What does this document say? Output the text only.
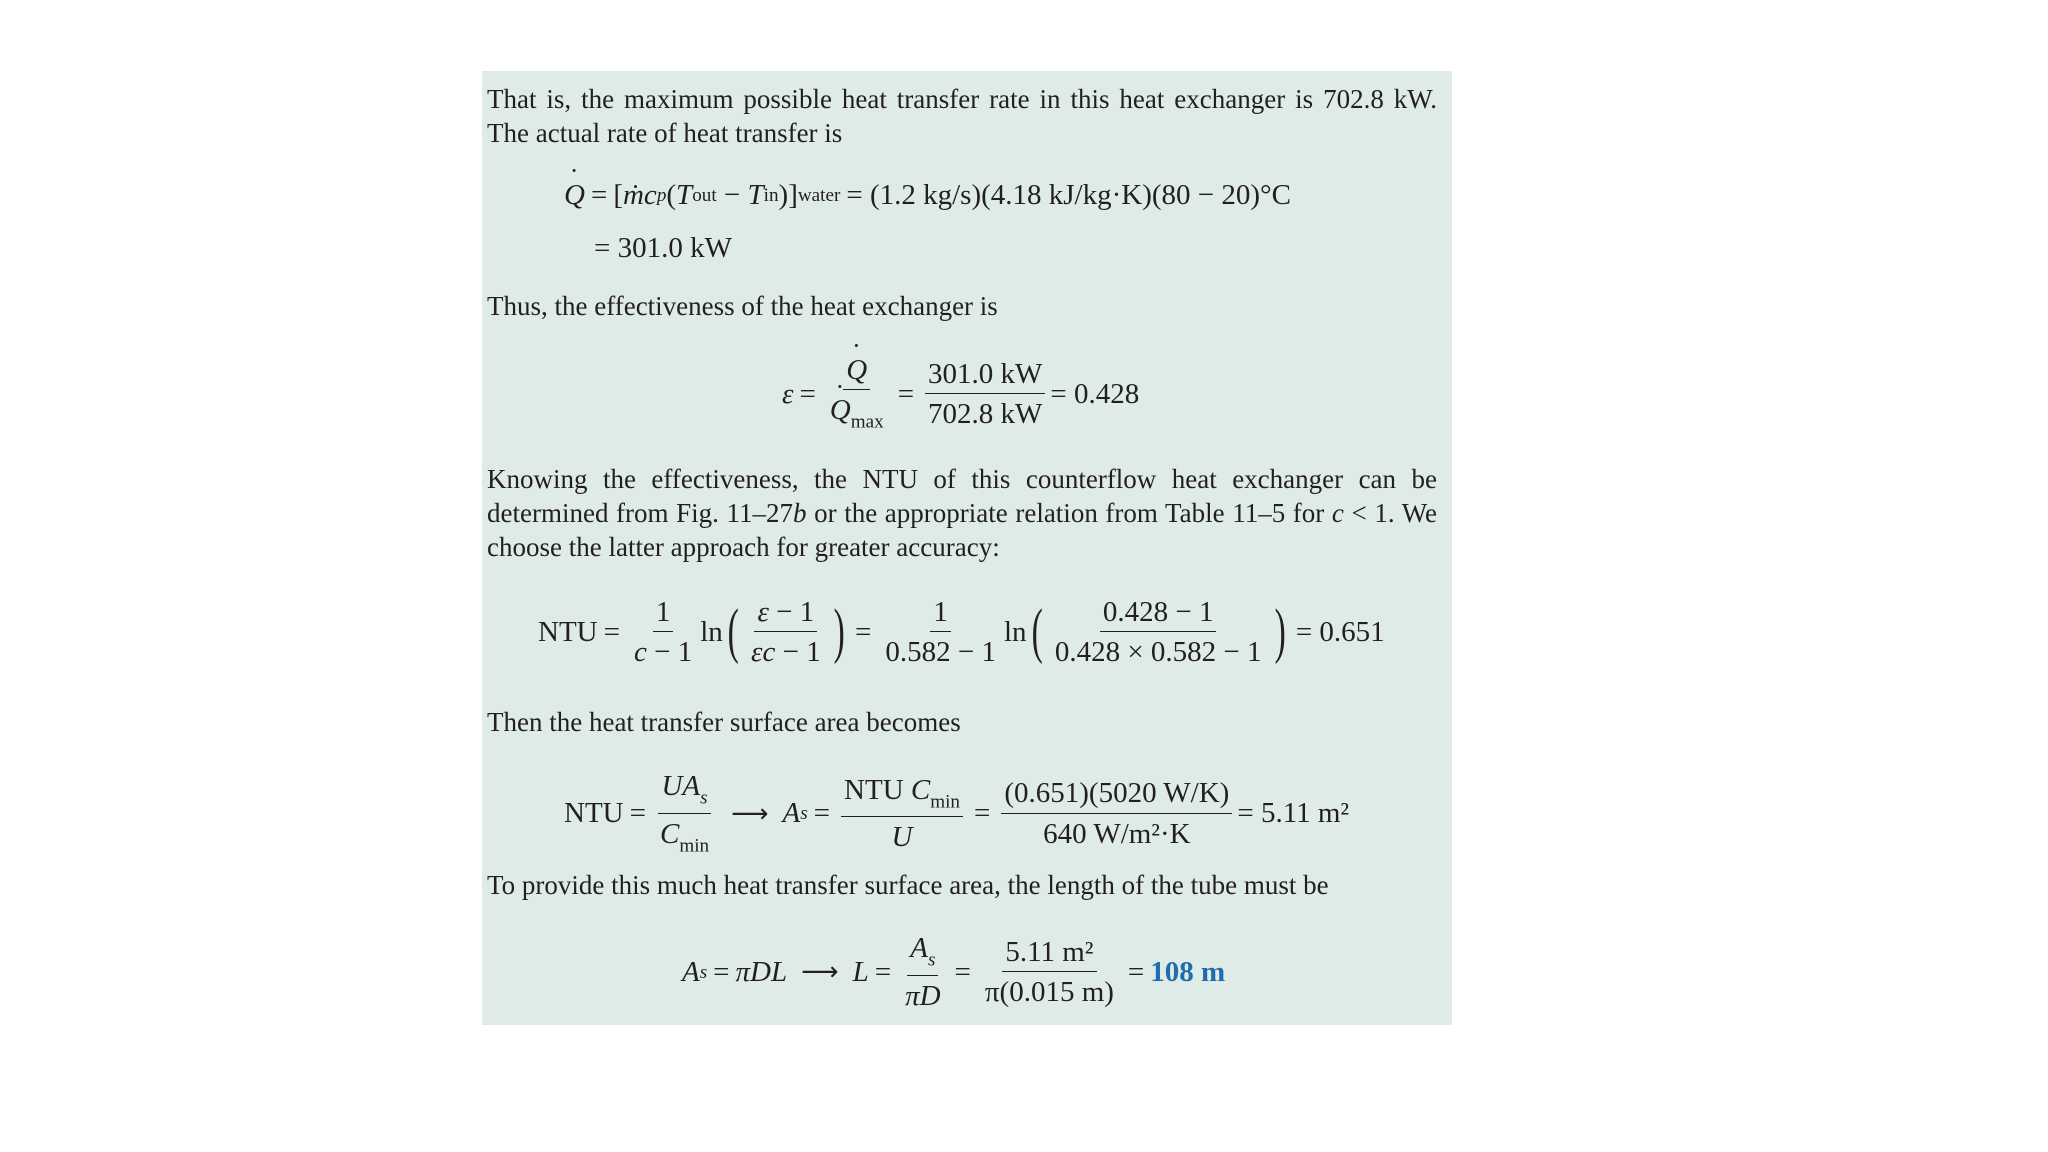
That is, the maximum possible heat transfer rate in this heat exchanger is 702.8 kW. The actual rate of heat transfer is

˙ Q = [ ṁc p ( T out − T in )] water = (1.2 kg/s)(4.18 kJ/kg·K)(80 − 20)°C
= 301.0 kW

Thus, the effectiveness of the heat exchanger is

ε =
˙ Q
˙ $Q_{max} = \frac{301.0 kW}{702.8 kW} = 0.428$

Knowing the effectiveness, the NTU of this counterflow heat exchanger can be determined from Fig. 11–27b or the appropriate relation from Table 11–5 for c < 1. We choose the latter approach for greater accuracy:

NTU = $\frac{1}{c - 1}$ ln ( $\frac{\varepsilon - 1}{\varepsilon c - 1}$ ) = $\frac{1}{0.582 - 1}$ ln ( $\frac{0.428 - 1}{0.428 \times 0.582 - 1}$ ) = 0.651

Then the heat transfer surface area becomes

NTU = $\frac{UA_s}{C_{min}}$ ⟶ A $s = \frac{NTU C_{min}}{U} = \frac{(0.651)(5020 W/K)}{\text{640 W/m²·K}} = 5.11$ m²

To provide this much heat transfer surface area, the length of the tube must be

A s = πDL ⟶ $L = \frac{A_s}{\pi D} = \frac{\text{5.11 m²}}{\pi(0.015 m)} = 108$ m
